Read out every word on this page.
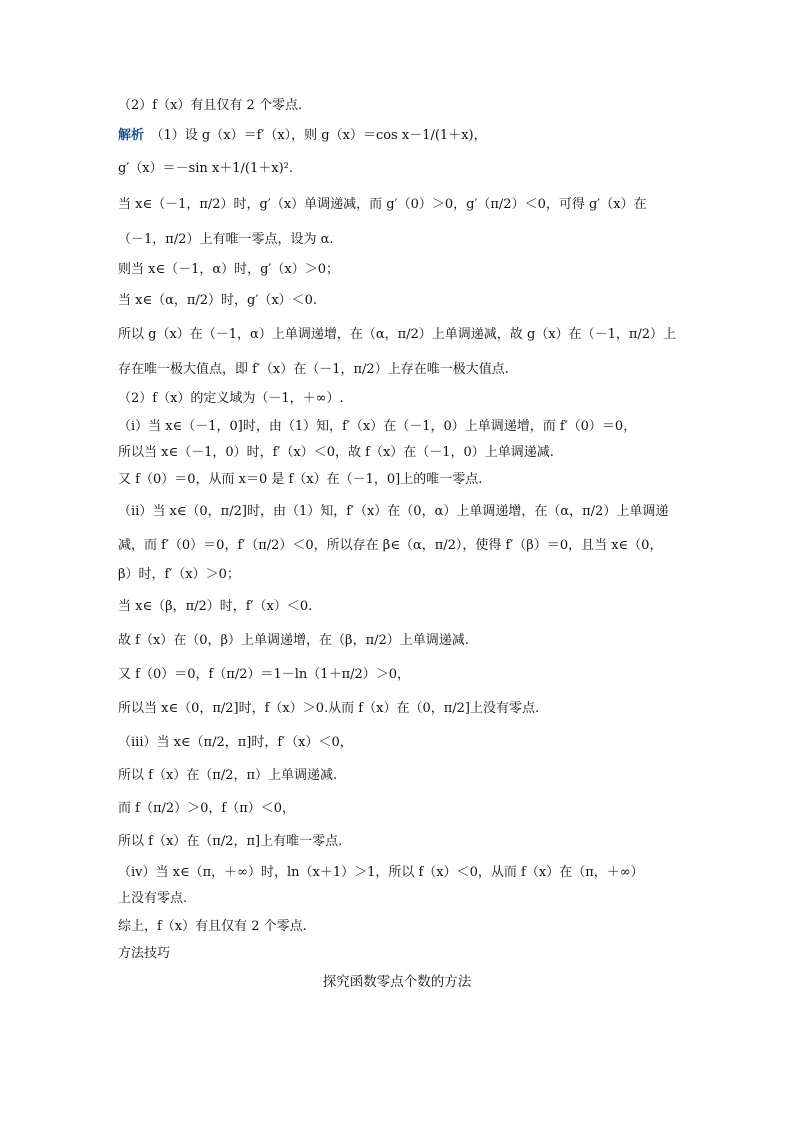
（2）f（x）有且仅有 2 个零点.
解析　（1）设 g（x）＝f′（x），则 g（x）＝cos x－1/(1＋x)，
g′（x）＝－sin x＋1/(1＋x)².
当 x∈（－1，π/2）时，g′（x）单调递减，而 g′（0）＞0，g′（π/2）＜0，可得 g′（x）在
（－1，π/2）上有唯一零点，设为 α.
则当 x∈（－1，α）时，g′（x）＞0；
当 x∈（α，π/2）时，g′（x）＜0.
所以 g（x）在（－1，α）上单调递增，在（α，π/2）上单调递减，故 g（x）在（－1，π/2）上
存在唯一极大值点，即 f′（x）在（－1，π/2）上存在唯一极大值点.
（2）f（x）的定义域为（－1，＋∞）.
（ⅰ）当 x∈（－1，0]时，由（1）知，f′（x）在（－1，0）上单调递增，而 f′（0）＝0，
所以当 x∈（－1，0）时，f′（x）＜0，故 f（x）在（－1，0）上单调递减.
又 f（0）＝0，从而 x＝0 是 f（x）在（－1，0]上的唯一零点.
（ⅱ）当 x∈（0，π/2]时，由（1）知，f′（x）在（0，α）上单调递增，在（α，π/2）上单调递
减，而 f′（0）＝0，f′（π/2）＜0，所以存在 β∈（α，π/2），使得 f′（β）＝0，且当 x∈（0，
β）时，f′（x）＞0；
当 x∈（β，π/2）时，f′（x）＜0.
故 f（x）在（0，β）上单调递增，在（β，π/2）上单调递减.
又 f（0）＝0，f（π/2）＝1－ln（1＋π/2）＞0，
所以当 x∈（0，π/2]时，f（x）＞0.从而 f（x）在（0，π/2]上没有零点.
（ⅲ）当 x∈（π/2，π]时，f′（x）＜0，
所以 f（x）在（π/2，π）上单调递减.
而 f（π/2）＞0，f（π）＜0，
所以 f（x）在（π/2，π]上有唯一零点.
（ⅳ）当 x∈（π，＋∞）时，ln（x＋1）＞1，所以 f（x）＜0，从而 f（x）在（π，＋∞）
上没有零点.
综上，f（x）有且仅有 2 个零点.
方法技巧
探究函数零点个数的方法
